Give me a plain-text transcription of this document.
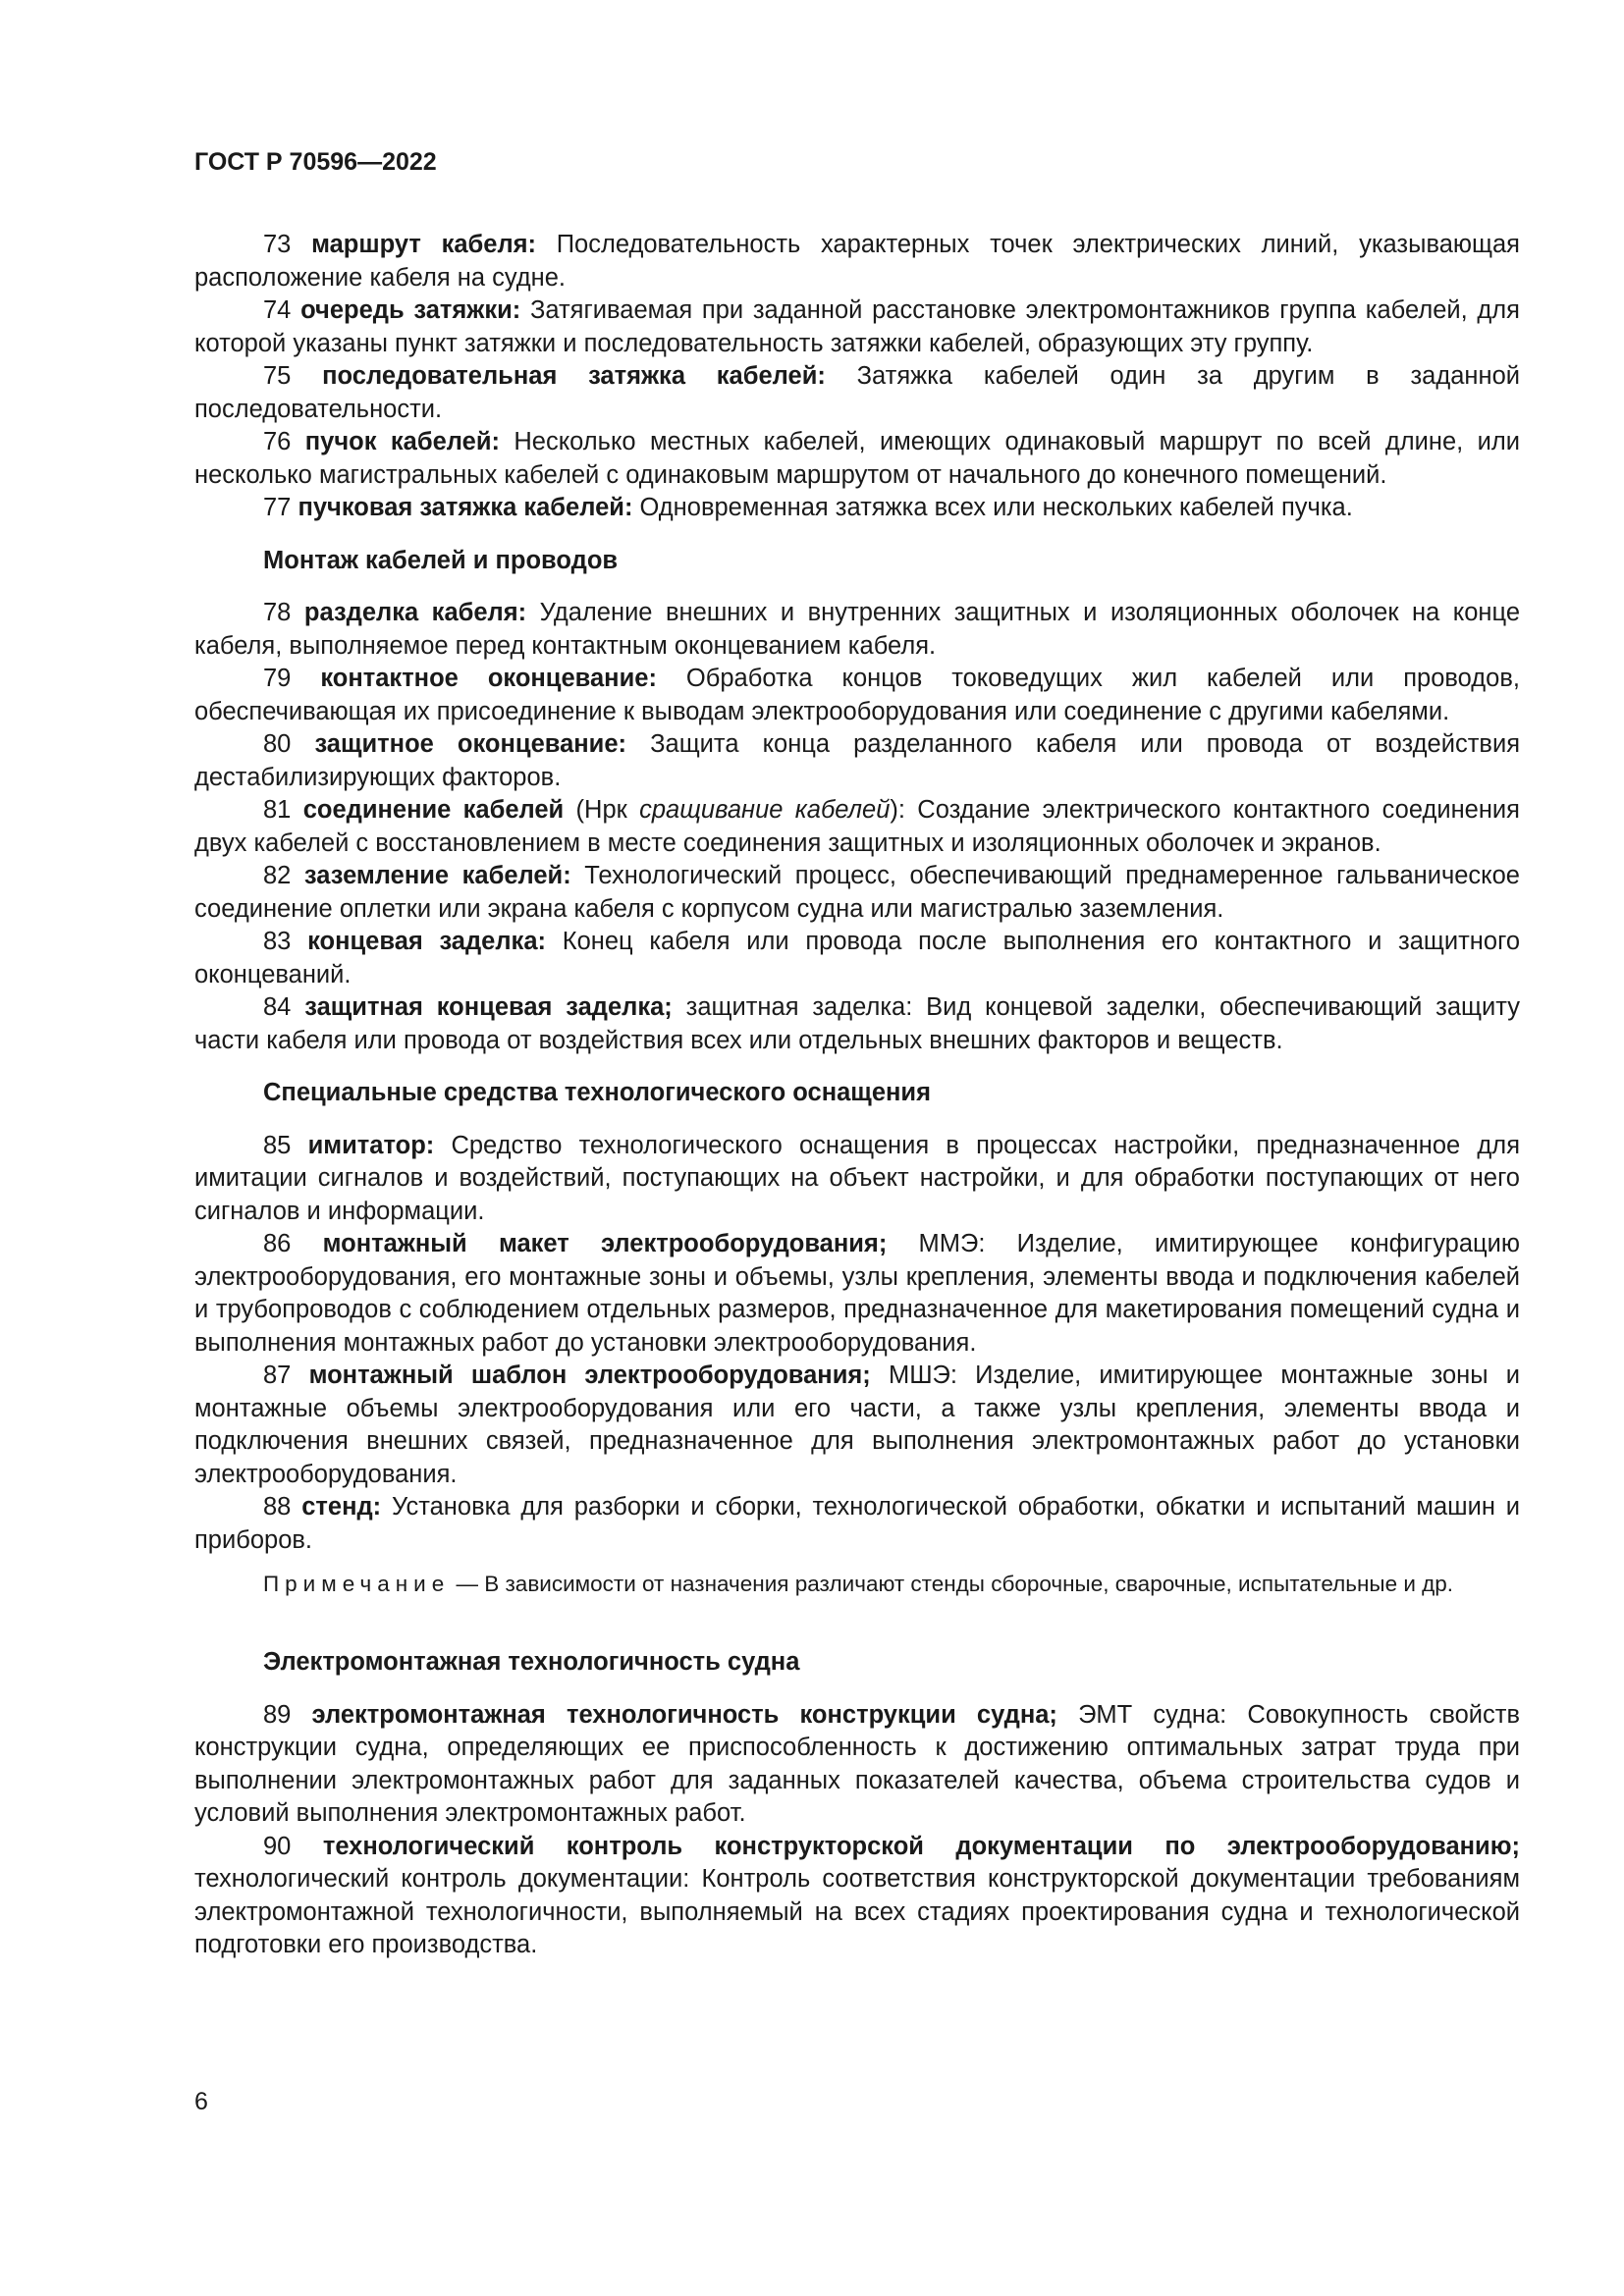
ГОСТ Р 70596—2022

73 маршрут кабеля: Последовательность характерных точек электрических линий, указывающая расположение кабеля на судне.

74 очередь затяжки: Затягиваемая при заданной расстановке электромонтажников группа кабелей, для которой указаны пункт затяжки и последовательность затяжки кабелей, образующих эту группу.

75 последовательная затяжка кабелей: Затяжка кабелей один за другим в заданной последовательности.

76 пучок кабелей: Несколько местных кабелей, имеющих одинаковый маршрут по всей длине, или несколько магистральных кабелей с одинаковым маршрутом от начального до конечного помещений.

77 пучковая затяжка кабелей: Одновременная затяжка всех или нескольких кабелей пучка.

Монтаж кабелей и проводов

78 разделка кабеля: Удаление внешних и внутренних защитных и изоляционных оболочек на конце кабеля, выполняемое перед контактным оконцеванием кабеля.

79 контактное оконцевание: Обработка концов токоведущих жил кабелей или проводов, обеспечивающая их присоединение к выводам электрооборудования или соединение с другими кабелями.

80 защитное оконцевание: Защита конца разделанного кабеля или провода от воздействия дестабилизирующих факторов.

81 соединение кабелей (Нрк сращивание кабелей): Создание электрического контактного соединения двух кабелей с восстановлением в месте соединения защитных и изоляционных оболочек и экранов.

82 заземление кабелей: Технологический процесс, обеспечивающий преднамеренное гальваническое соединение оплетки или экрана кабеля с корпусом судна или магистралью заземления.

83 концевая заделка: Конец кабеля или провода после выполнения его контактного и защитного оконцеваний.

84 защитная концевая заделка; защитная заделка: Вид концевой заделки, обеспечивающий защиту части кабеля или провода от воздействия всех или отдельных внешних факторов и веществ.

Специальные средства технологического оснащения

85 имитатор: Средство технологического оснащения в процессах настройки, предназначенное для имитации сигналов и воздействий, поступающих на объект настройки, и для обработки поступающих от него сигналов и информации.

86 монтажный макет электрооборудования; ММЭ: Изделие, имитирующее конфигурацию электрооборудования, его монтажные зоны и объемы, узлы крепления, элементы ввода и подключения кабелей и трубопроводов с соблюдением отдельных размеров, предназначенное для макетирования помещений судна и выполнения монтажных работ до установки электрооборудования.

87 монтажный шаблон электрооборудования; МШЭ: Изделие, имитирующее монтажные зоны и монтажные объемы электрооборудования или его части, а также узлы крепления, элементы ввода и подключения внешних связей, предназначенное для выполнения электромонтажных работ до установки электрооборудования.

88 стенд: Установка для разборки и сборки, технологической обработки, обкатки и испытаний машин и приборов.

Примечание — В зависимости от назначения различают стенды сборочные, сварочные, испытательные и др.

Электромонтажная технологичность судна

89 электромонтажная технологичность конструкции судна; ЭМТ судна: Совокупность свойств конструкции судна, определяющих ее приспособленность к достижению оптимальных затрат труда при выполнении электромонтажных работ для заданных показателей качества, объема строительства судов и условий выполнения электромонтажных работ.

90 технологический контроль конструкторской документации по электрооборудованию; технологический контроль документации: Контроль соответствия конструкторской документации требованиям электромонтажной технологичности, выполняемый на всех стадиях проектирования судна и технологической подготовки его производства.

6
